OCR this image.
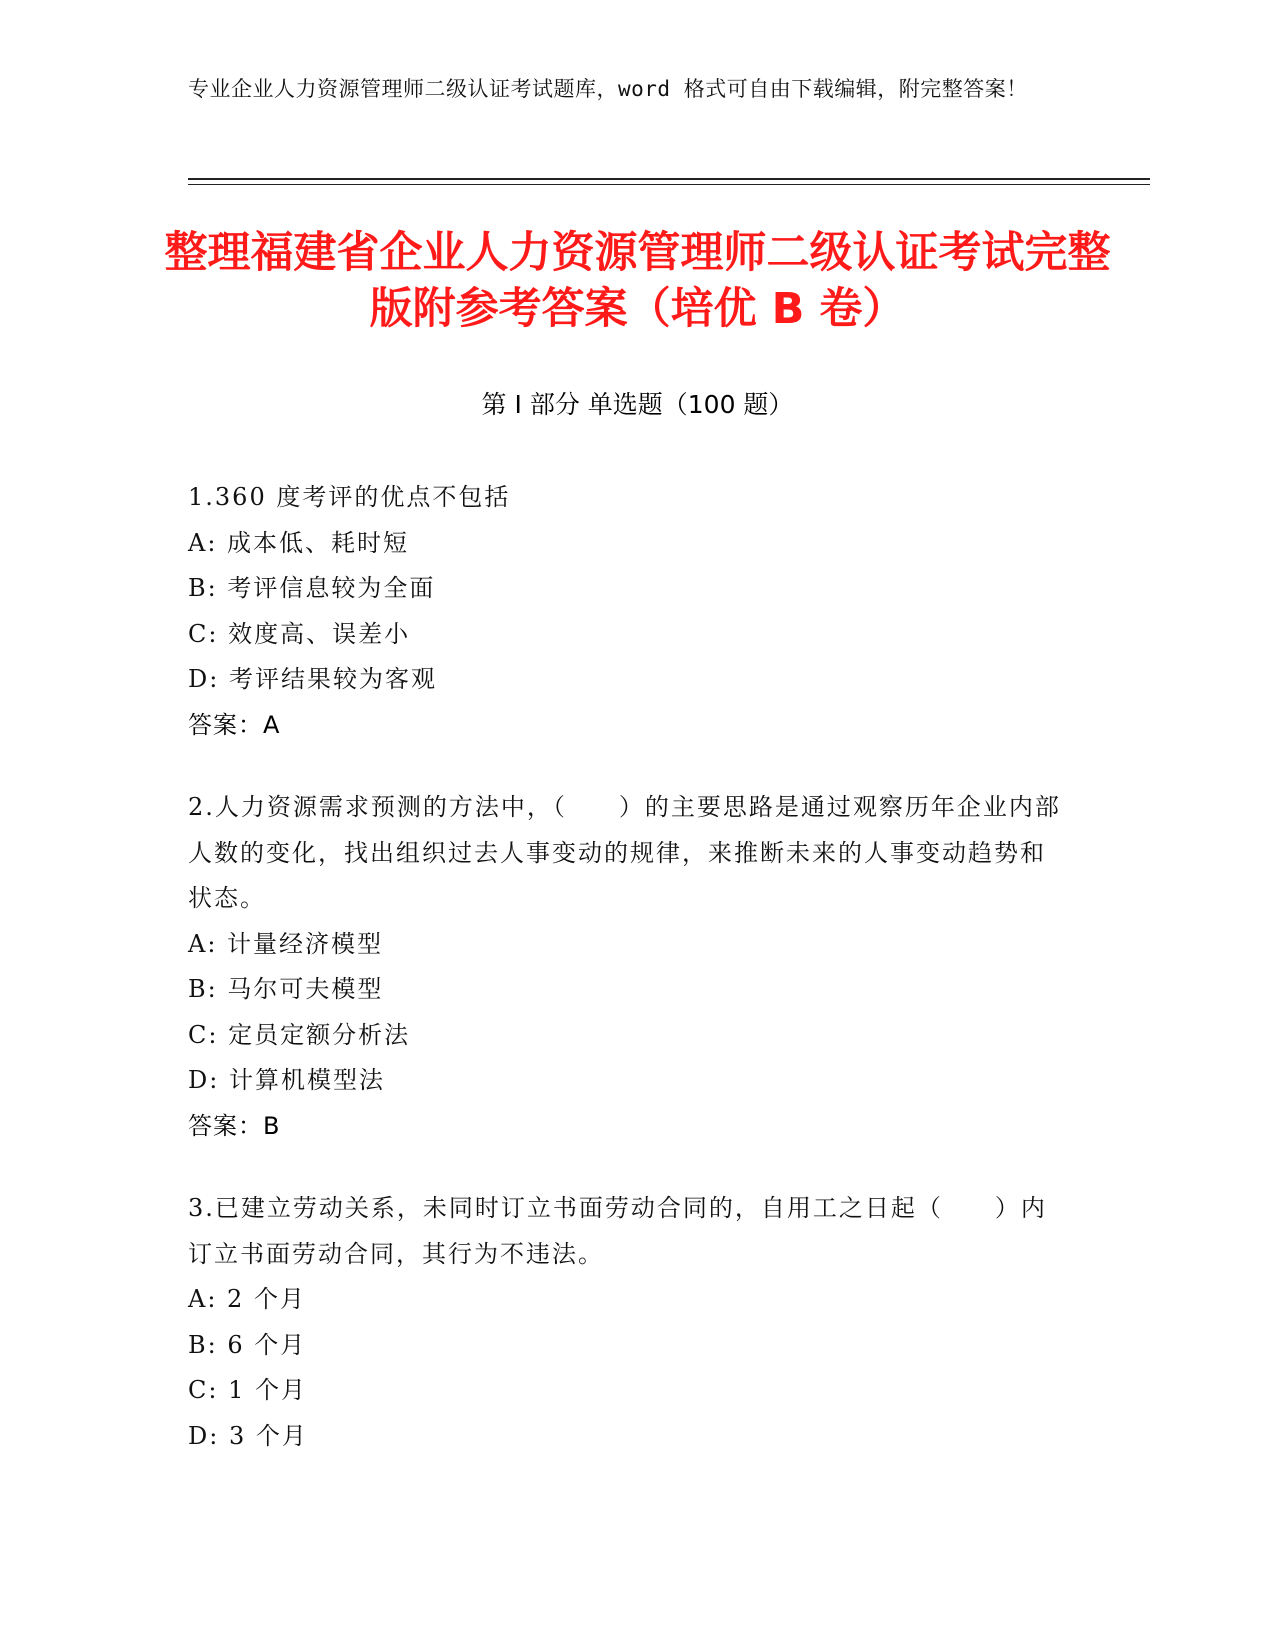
专业企业人力资源管理师二级认证考试题库，word 格式可自由下载编辑，附完整答案！
整理福建省企业人力资源管理师二级认证考试完整版附参考答案（培优 B 卷）
第 I 部分 单选题（100 题）

1.360 度考评的优点不包括

A: 成本低、耗时短

B: 考评信息较为全面

C: 效度高、误差小

D: 考评结果较为客观

答案：A

2.人力资源需求预测的方法中，（　　）的主要思路是通过观察历年企业内部人数的变化，找出组织过去人事变动的规律，来推断未来的人事变动趋势和状态。

A: 计量经济模型

B: 马尔可夫模型

C: 定员定额分析法

D: 计算机模型法

答案：B

3.已建立劳动关系，未同时订立书面劳动合同的，自用工之日起（　　）内订立书面劳动合同，其行为不违法。

A: 2 个月

B: 6 个月

C: 1 个月

D: 3 个月
